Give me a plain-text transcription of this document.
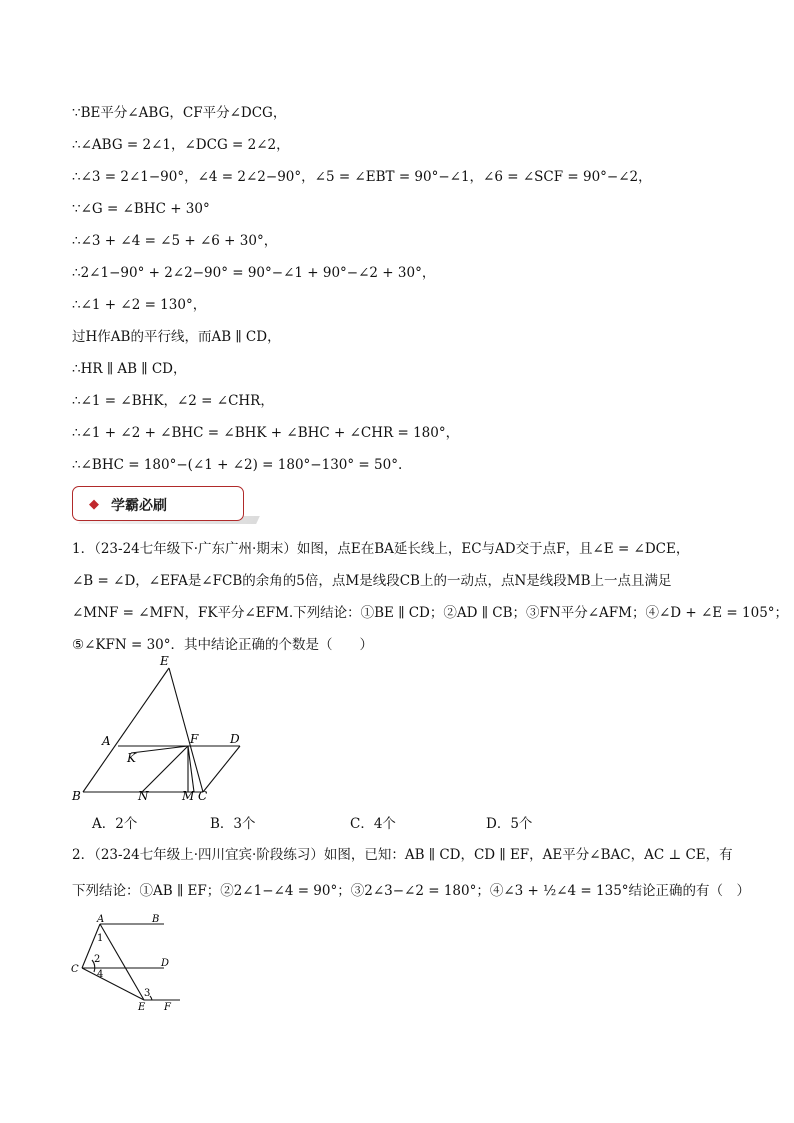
∵BE平分∠ABG，CF平分∠DCG，
∴∠ABG = 2∠1，∠DCG = 2∠2，
∴∠3 = 2∠1−90°，∠4 = 2∠2−90°，∠5 = ∠EBT = 90°−∠1，∠6 = ∠SCF = 90°−∠2，
∵∠G = ∠BHC + 30°
∴∠3 + ∠4 = ∠5 + ∠6 + 30°，
∴2∠1−90° + 2∠2−90° = 90°−∠1 + 90°−∠2 + 30°，
∴∠1 + ∠2 = 130°，
过H作AB的平行线，而AB ∥ CD，
∴HR ∥ AB ∥ CD，
∴∠1 = ∠BHK，∠2 = ∠CHR，
∴∠1 + ∠2 + ∠BHC = ∠BHK + ∠BHC + ∠CHR = 180°，
∴∠BHC = 180°−(∠1 + ∠2) = 180°−130° = 50°.
◆ 学霸必刷
1．（23-24七年级下·广东广州·期末）如图，点E在BA延长线上，EC与AD交于点F，且∠E = ∠DCE，
∠B = ∠D，∠EFA是∠FCB的余角的5倍，点M是线段CB上的一动点，点N是线段MB上一点且满足
∠MNF = ∠MFN，FK平分∠EFM.下列结论：①BE ∥ CD；②AD ∥ CB；③FN平分∠AFM；④∠D + ∠E = 105°；
⑤∠KFN = 30°．其中结论正确的个数是（　　）
E
A	F	D
K
B	N	M C
A．2个	B．3个	C．4个	D．5个
2．（23-24七年级上·四川宜宾·阶段练习）如图，已知：AB ∥ CD，CD ∥ EF，AE平分∠BAC，AC ⊥ CE，有
下列结论：①AB ∥ EF；②2∠1−∠4 = 90°；③2∠3−∠2 = 180°；④∠3 + ½∠4 = 135°结论正确的有（　）
A	B
C
D
E F
1
2
3
4
